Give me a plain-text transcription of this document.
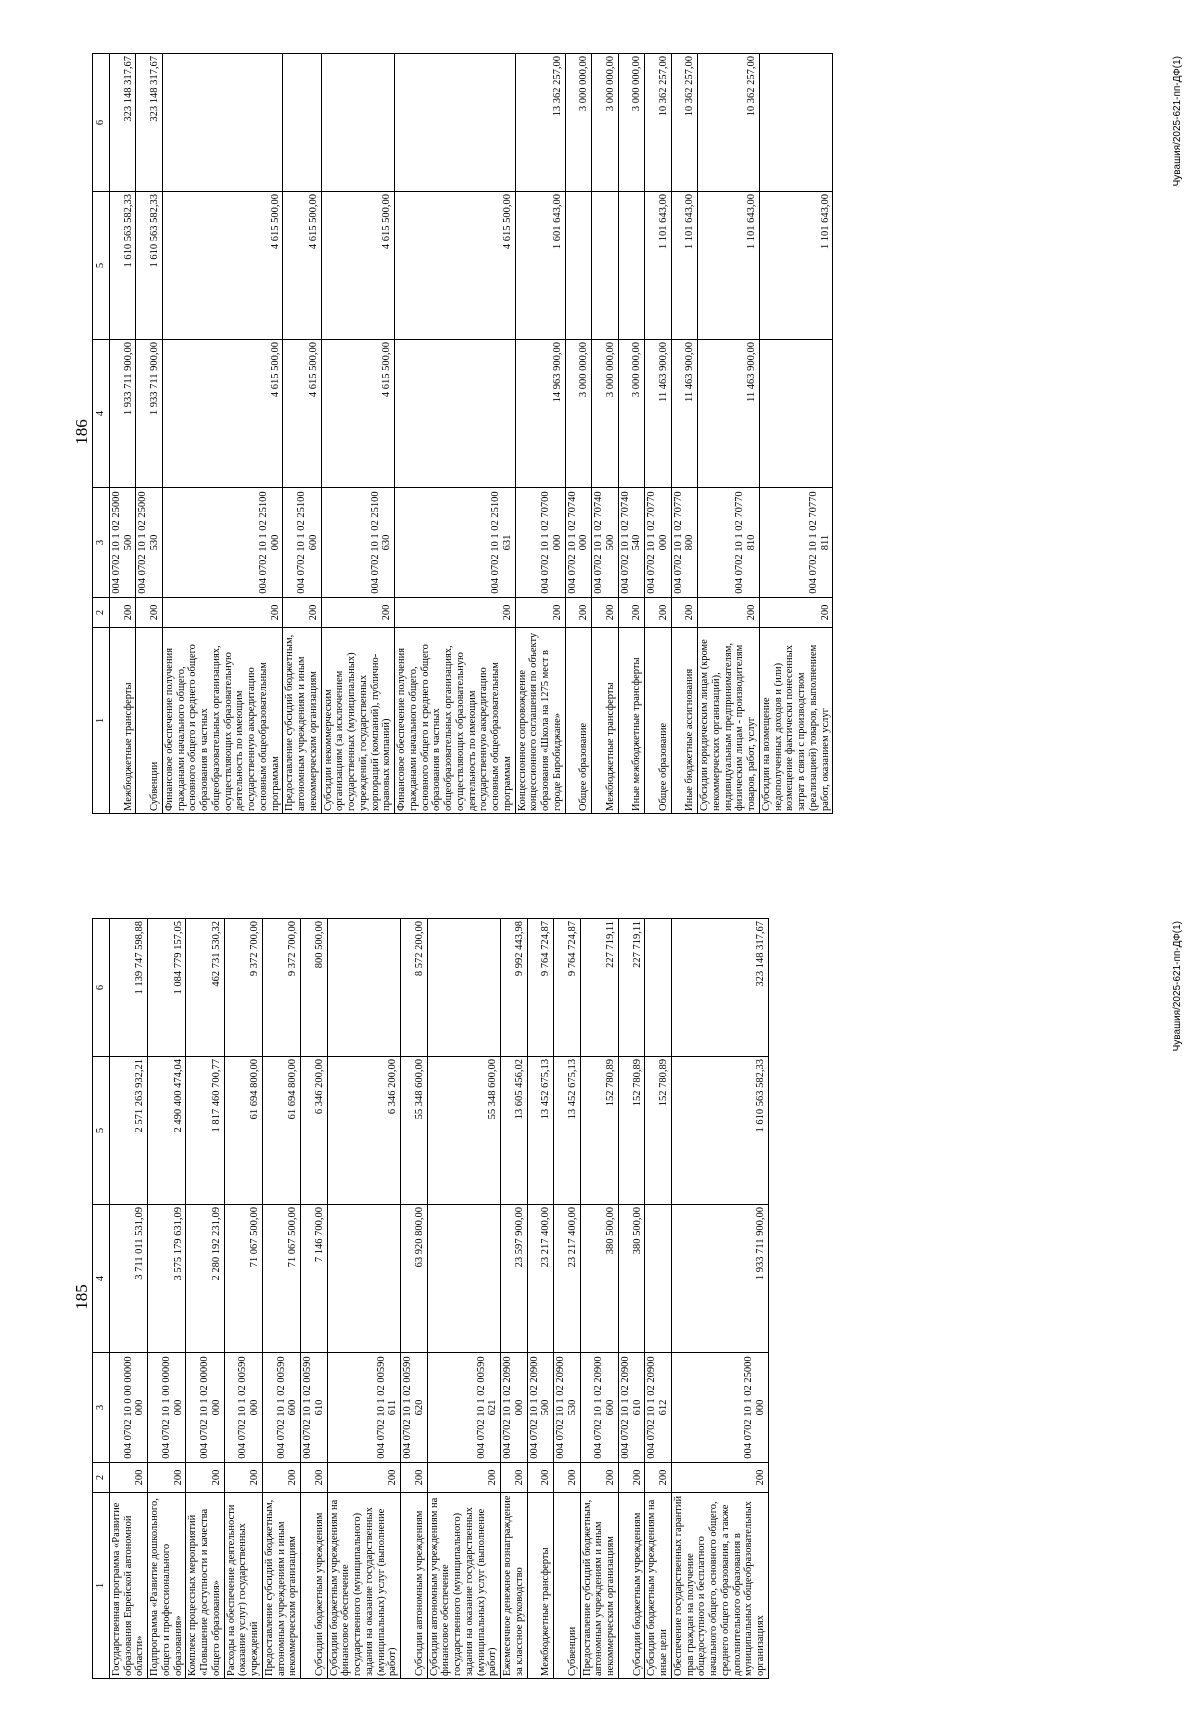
185
1	2	3	4	5	6
Государственная программа «Развитие образования Еврейской автономной области»	200	004 0702 10 0 00 00000 000	3 711 011 531,09	2 571 263 932,21	1 139 747 598,88
Подпрограмма «Развитие дошкольного, общего и профессионального образования»	200	004 0702 10 1 00 00000 000	3 575 179 631,09	2 490 400 474,04	1 084 779 157,05
Комплекс процессных мероприятий «Повышение доступности и качества общего образования»	200	004 0702 10 1 02 00000 000	2 280 192 231,09	1 817 460 700,77	462 731 530,32
Расходы на обеспечение деятельности (оказание услуг) государственных учреждений	200	004 0702 10 1 02 00590 000	71 067 500,00	61 694 800,00	9 372 700,00
Предоставление субсидий бюджетным, автономным учреждениям и иным некоммерческим организациям	200	004 0702 10 1 02 00590 600	71 067 500,00	61 694 800,00	9 372 700,00
Субсидии бюджетным учреждениям	200	004 0702 10 1 02 00590 610	7 146 700,00	6 346 200,00	800 500,00
Субсидии бюджетным учреждениям на финансовое обеспечение государственного (муниципального) задания на оказание государственных (муниципальных) услуг (выполнение работ)	200	004 0702 10 1 02 00590 611		6 346 200,00	
Субсидии автономным учреждениям	200	004 0702 10 1 02 00590 620	63 920 800,00	55 348 600,00	8 572 200,00
Субсидии автономным учреждениям на финансовое обеспечение государственного (муниципального) задания на оказание государственных (муниципальных) услуг (выполнение работ)	200	004 0702 10 1 02 00590 621		55 348 600,00	
Ежемесячное денежное вознаграждение за классное руководство	200	004 0702 10 1 02 20900 000	23 597 900,00	13 605 456,02	9 992 443,98
Межбюджетные трансферты	200	004 0702 10 1 02 20900 500	23 217 400,00	13 452 675,13	9 764 724,87
Субвенции	200	004 0702 10 1 02 20900 530	23 217 400,00	13 452 675,13	9 764 724,87
Предоставление субсидий бюджетным, автономным учреждениям и иным некоммерческим организациям	200	004 0702 10 1 02 20900 600	380 500,00	152 780,89	227 719,11
Субсидии бюджетным учреждениям	200	004 0702 10 1 02 20900 610	380 500,00	152 780,89	227 719,11
Субсидии бюджетным учреждениям на иные цели	200	004 0702 10 1 02 20900 612		152 780,89	
Обеспечение государственных гарантий прав граждан на получение общедоступного и бесплатного начального общего, основного общего, среднего общего образования, а также дополнительного образования в муниципальных общеобразовательных организациях	200	004 0702 10 1 02 25000 000	1 933 711 900,00	1 610 563 582,33	323 148 317,67	Чувашия/2025-621-пп-ДФ(1)
186
1	2	3	4	5	6
Межбюджетные трансферты	200	004 0702 10 1 02 25000 500	1 933 711 900,00	1 610 563 582,33	323 148 317,67
Субвенции	200	004 0702 10 1 02 25000 530	1 933 711 900,00	1 610 563 582,33	323 148 317,67
Финансовое обеспечение получения гражданами начального общего, основного общего и среднего общего образования в частных общеобразовательных организациях, осуществляющих образовательную деятельность по имеющим государственную аккредитацию основным общеобразовательным программам	200	004 0702 10 1 02 25100 000	4 615 500,00	4 615 500,00	
Предоставление субсидий бюджетным, автономным учреждениям и иным некоммерческим организациям	200	004 0702 10 1 02 25100 600	4 615 500,00	4 615 500,00	
Субсидии некоммерческим организациям (за исключением государственных (муниципальных) учреждений, государственных корпораций (компаний), публично-правовых компаний)	200	004 0702 10 1 02 25100 630	4 615 500,00	4 615 500,00	
Финансовое обеспечение получения гражданами начального общего, основного общего и среднего общего образования в частных общеобразовательных организациях, осуществляющих образовательную деятельность по имеющим государственную аккредитацию основным общеобразовательным программам	200	004 0702 10 1 02 25100 631		4 615 500,00	
Концессионное сопровождение концессионного соглашения по объекту образования «Школа на 1275 мест в городе Биробиджане»	200	004 0702 10 1 02 70700 000	14 963 900,00	1 601 643,00	13 362 257,00
Общее образование	200	004 0702 10 1 02 70740 000	3 000 000,00		3 000 000,00
Межбюджетные трансферты	200	004 0702 10 1 02 70740 500	3 000 000,00		3 000 000,00
Иные межбюджетные трансферты	200	004 0702 10 1 02 70740 540	3 000 000,00		3 000 000,00
Общее образование	200	004 0702 10 1 02 70770 000	11 463 900,00	1 101 643,00	10 362 257,00
Иные бюджетные ассигнования	200	004 0702 10 1 02 70770 800	11 463 900,00	1 101 643,00	10 362 257,00
Субсидии юридическим лицам (кроме некоммерческих организаций), индивидуальным предпринимателям, физическим лицам - производителям товаров, работ, услуг	200	004 0702 10 1 02 70770 810	11 463 900,00	1 101 643,00	10 362 257,00
Субсидии на возмещение недополученных доходов и (или) возмещение фактически понесенных затрат в связи с производством (реализацией) товаров, выполнением работ, оказанием услуг	200	004 0702 10 1 02 70770 811		1 101 643,00	
Чувашия/2025-621-пп-ДФ(1)
